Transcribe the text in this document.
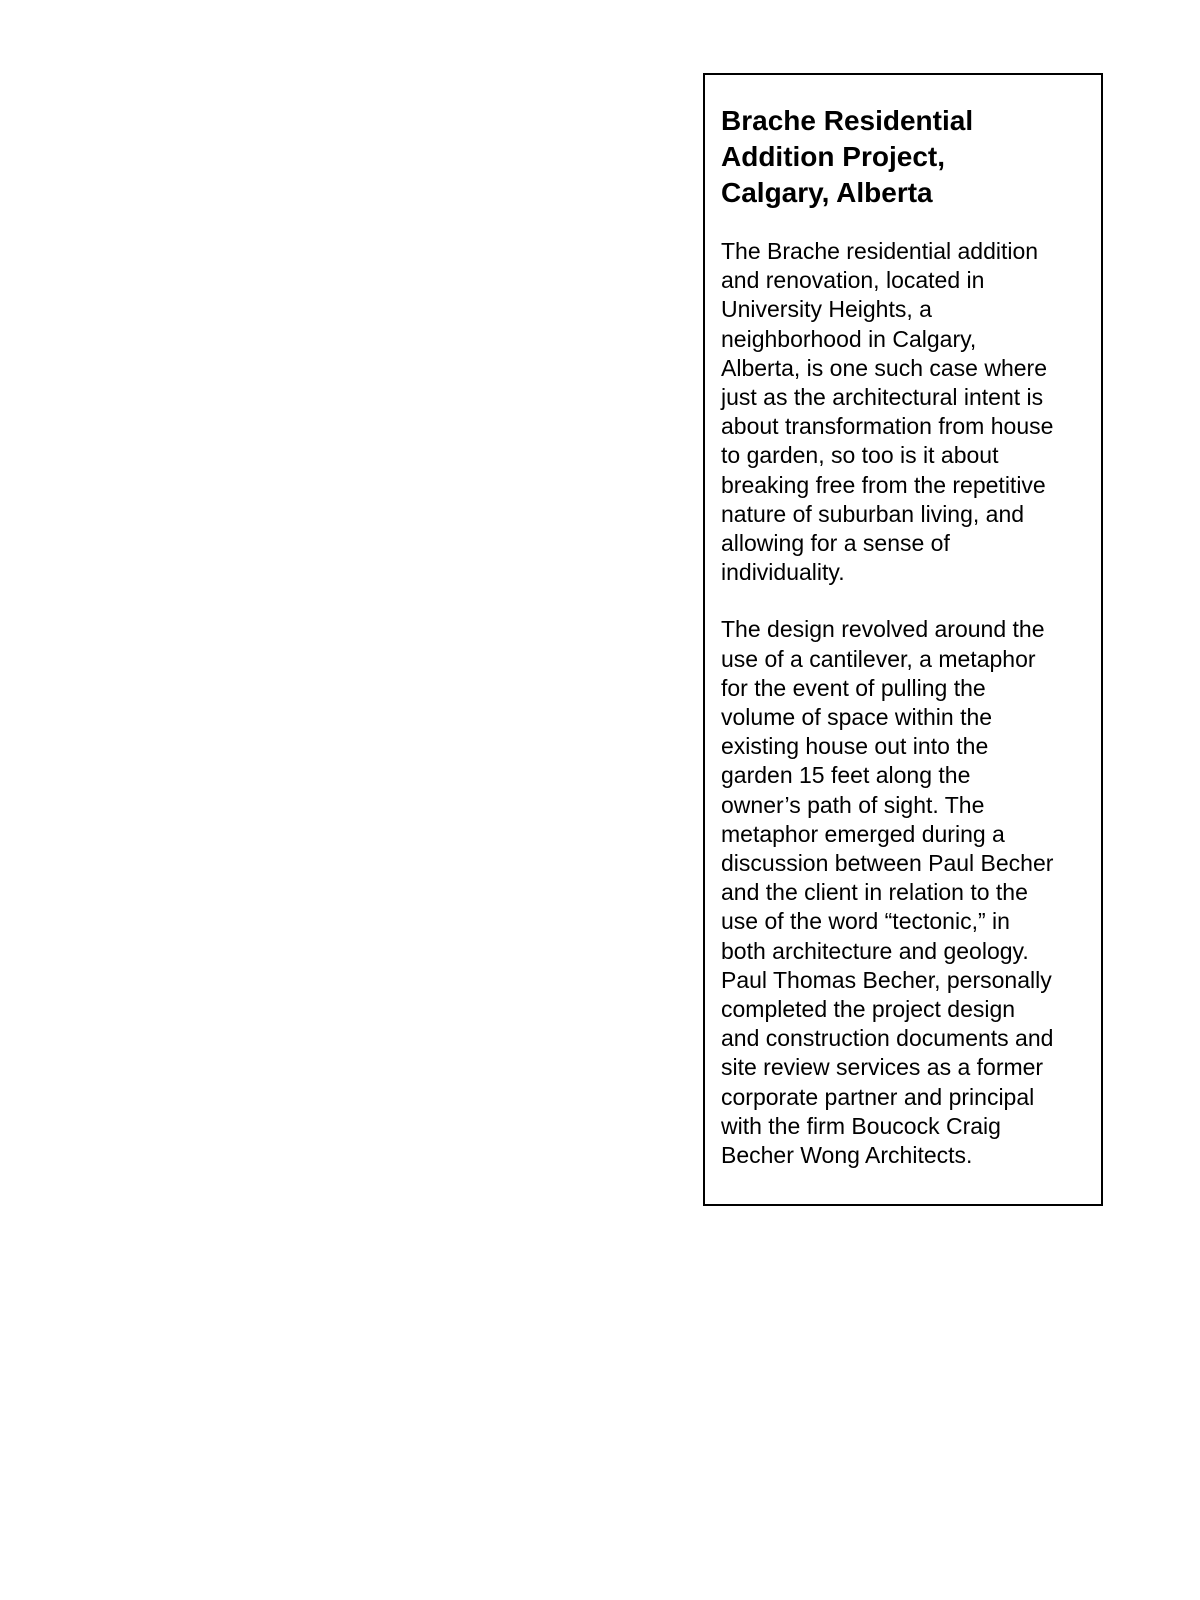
Brache Residential
Addition Project,
Calgary, Alberta

The Brache residential addition
and renovation, located in
University Heights, a
neighborhood in Calgary,
Alberta, is one such case where
just as the architectural intent is
about transformation from house
to garden, so too is it about
breaking free from the repetitive
nature of suburban living, and
allowing for a sense of
individuality.

The design revolved around the
use of a cantilever, a metaphor
for the event of pulling the
volume of space within the
existing house out into the
garden 15 feet along the
owner’s path of sight. The
metaphor emerged during a
discussion between Paul Becher
and the client in relation to the
use of the word “tectonic,” in
both architecture and geology.
Paul Thomas Becher, personally
completed the project design
and construction documents and
site review services as a former
corporate partner and principal
with the firm Boucock Craig
Becher Wong Architects.
